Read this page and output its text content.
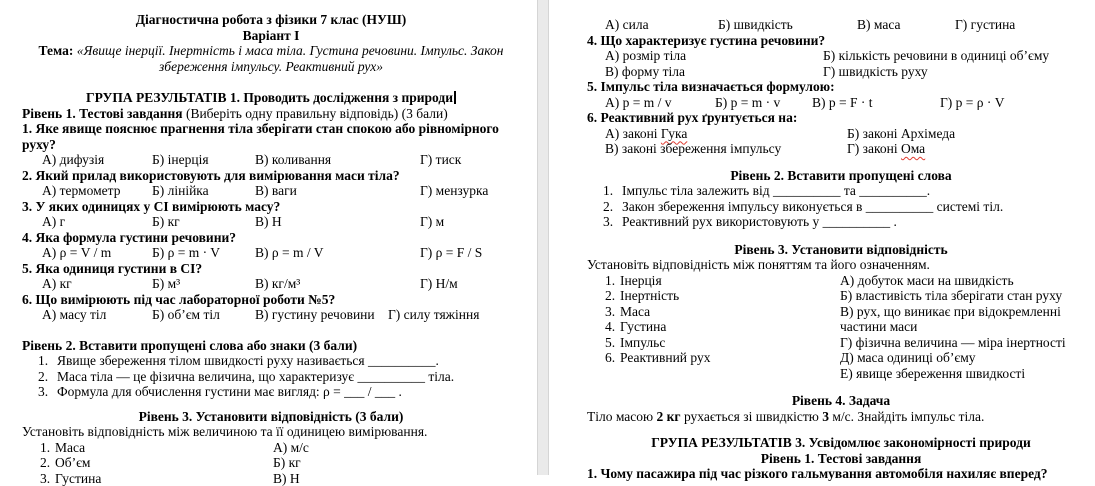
Діагностична робота з фізики 7 клас (НУШ)
Варіант I
Тема: «Явище інерції. Інертність і маса тіла. Густина речовини. Імпульс. Закон
збереження імпульсу. Реактивний рух»
ГРУПА РЕЗУЛЬТАТІВ 1. Проводить дослідження з природи
Рівень 1. Тестові завдання (Виберіть одну правильну відповідь) (3 бали)
1. Яке явище пояснює прагнення тіла зберігати стан спокою або рівномірного
руху?
А) дифузія	Б) інерція	В) коливання	Г) тиск
2. Який прилад використовують для вимірювання маси тіла?
А) термометр	Б) лінійка	В) ваги	Г) мензурка
3. У яких одиницях у СІ вимірюють масу?
А) г	Б) кг	В) Н	Г) м
4. Яка формула густини речовини?
А) ρ = V / m	Б) ρ = m · V	В) ρ = m / V	Г) ρ = F / S
5. Яка одиниця густини в СІ?
А) кг	Б) м³	В) кг/м³	Г) Н/м
6. Що вимірюють під час лабораторної роботи №5?
А) масу тіл	Б) об’єм тіл	В) густину речовини Г) силу тяжіння
Рівень 2. Вставити пропущені слова або знаки (3 бали)
1. Явище збереження тілом швидкості руху називається __________.
2. Маса тіла — це фізична величина, що характеризує __________ тіла.
3. Формула для обчислення густини має вигляд: ρ = ___ / ___ .
Рівень 3. Установити відповідність (3 бали)
Установіть відповідність між величиною та її одиницею вимірювання.
1. Маса	А) м/с
2. Об’єм	Б) кг
3. Густина	В) Н
А) сила	Б) швидкість	В) маса	Г) густина
4. Що характеризує густина речовини?
А) розмір тіла	Б) кількість речовини в одиниці об’єму
В) форму тіла	Г) швидкість руху
5. Імпульс тіла визначається формулою:
А) p = m / v	Б) p = m · v	В) p = F · t	Г) p = ρ · V
6. Реактивний рух ґрунтується на:
А) законі Гука	Б) законі Архімеда
В) законі збереження імпульсу	Г) законі Ома
Рівень 2. Вставити пропущені слова
1. Імпульс тіла залежить від __________ та __________.
2. Закон збереження імпульсу виконується в __________ системі тіл.
3. Реактивний рух використовують у __________ .
Рівень 3. Установити відповідність
Установіть відповідність між поняттям та його означенням.
1. Інерція	А) добуток маси на швидкість
2. Інертність	Б) властивість тіла зберігати стан руху
3. Маса	В) рух, що виникає при відокремленні
4. Густина	частини маси
5. Імпульс	Г) фізична величина — міра інертності
6. Реактивний рух	Д) маса одиниці об’єму
Е) явище збереження швидкості
Рівень 4. Задача
Тіло масою 2 кг рухається зі швидкістю 3 м/с. Знайдіть імпульс тіла.
ГРУПА РЕЗУЛЬТАТІВ 3. Усвідомлює закономірності природи
Рівень 1. Тестові завдання
1. Чому пасажира під час різкого гальмування автомобіля нахиляє вперед?
